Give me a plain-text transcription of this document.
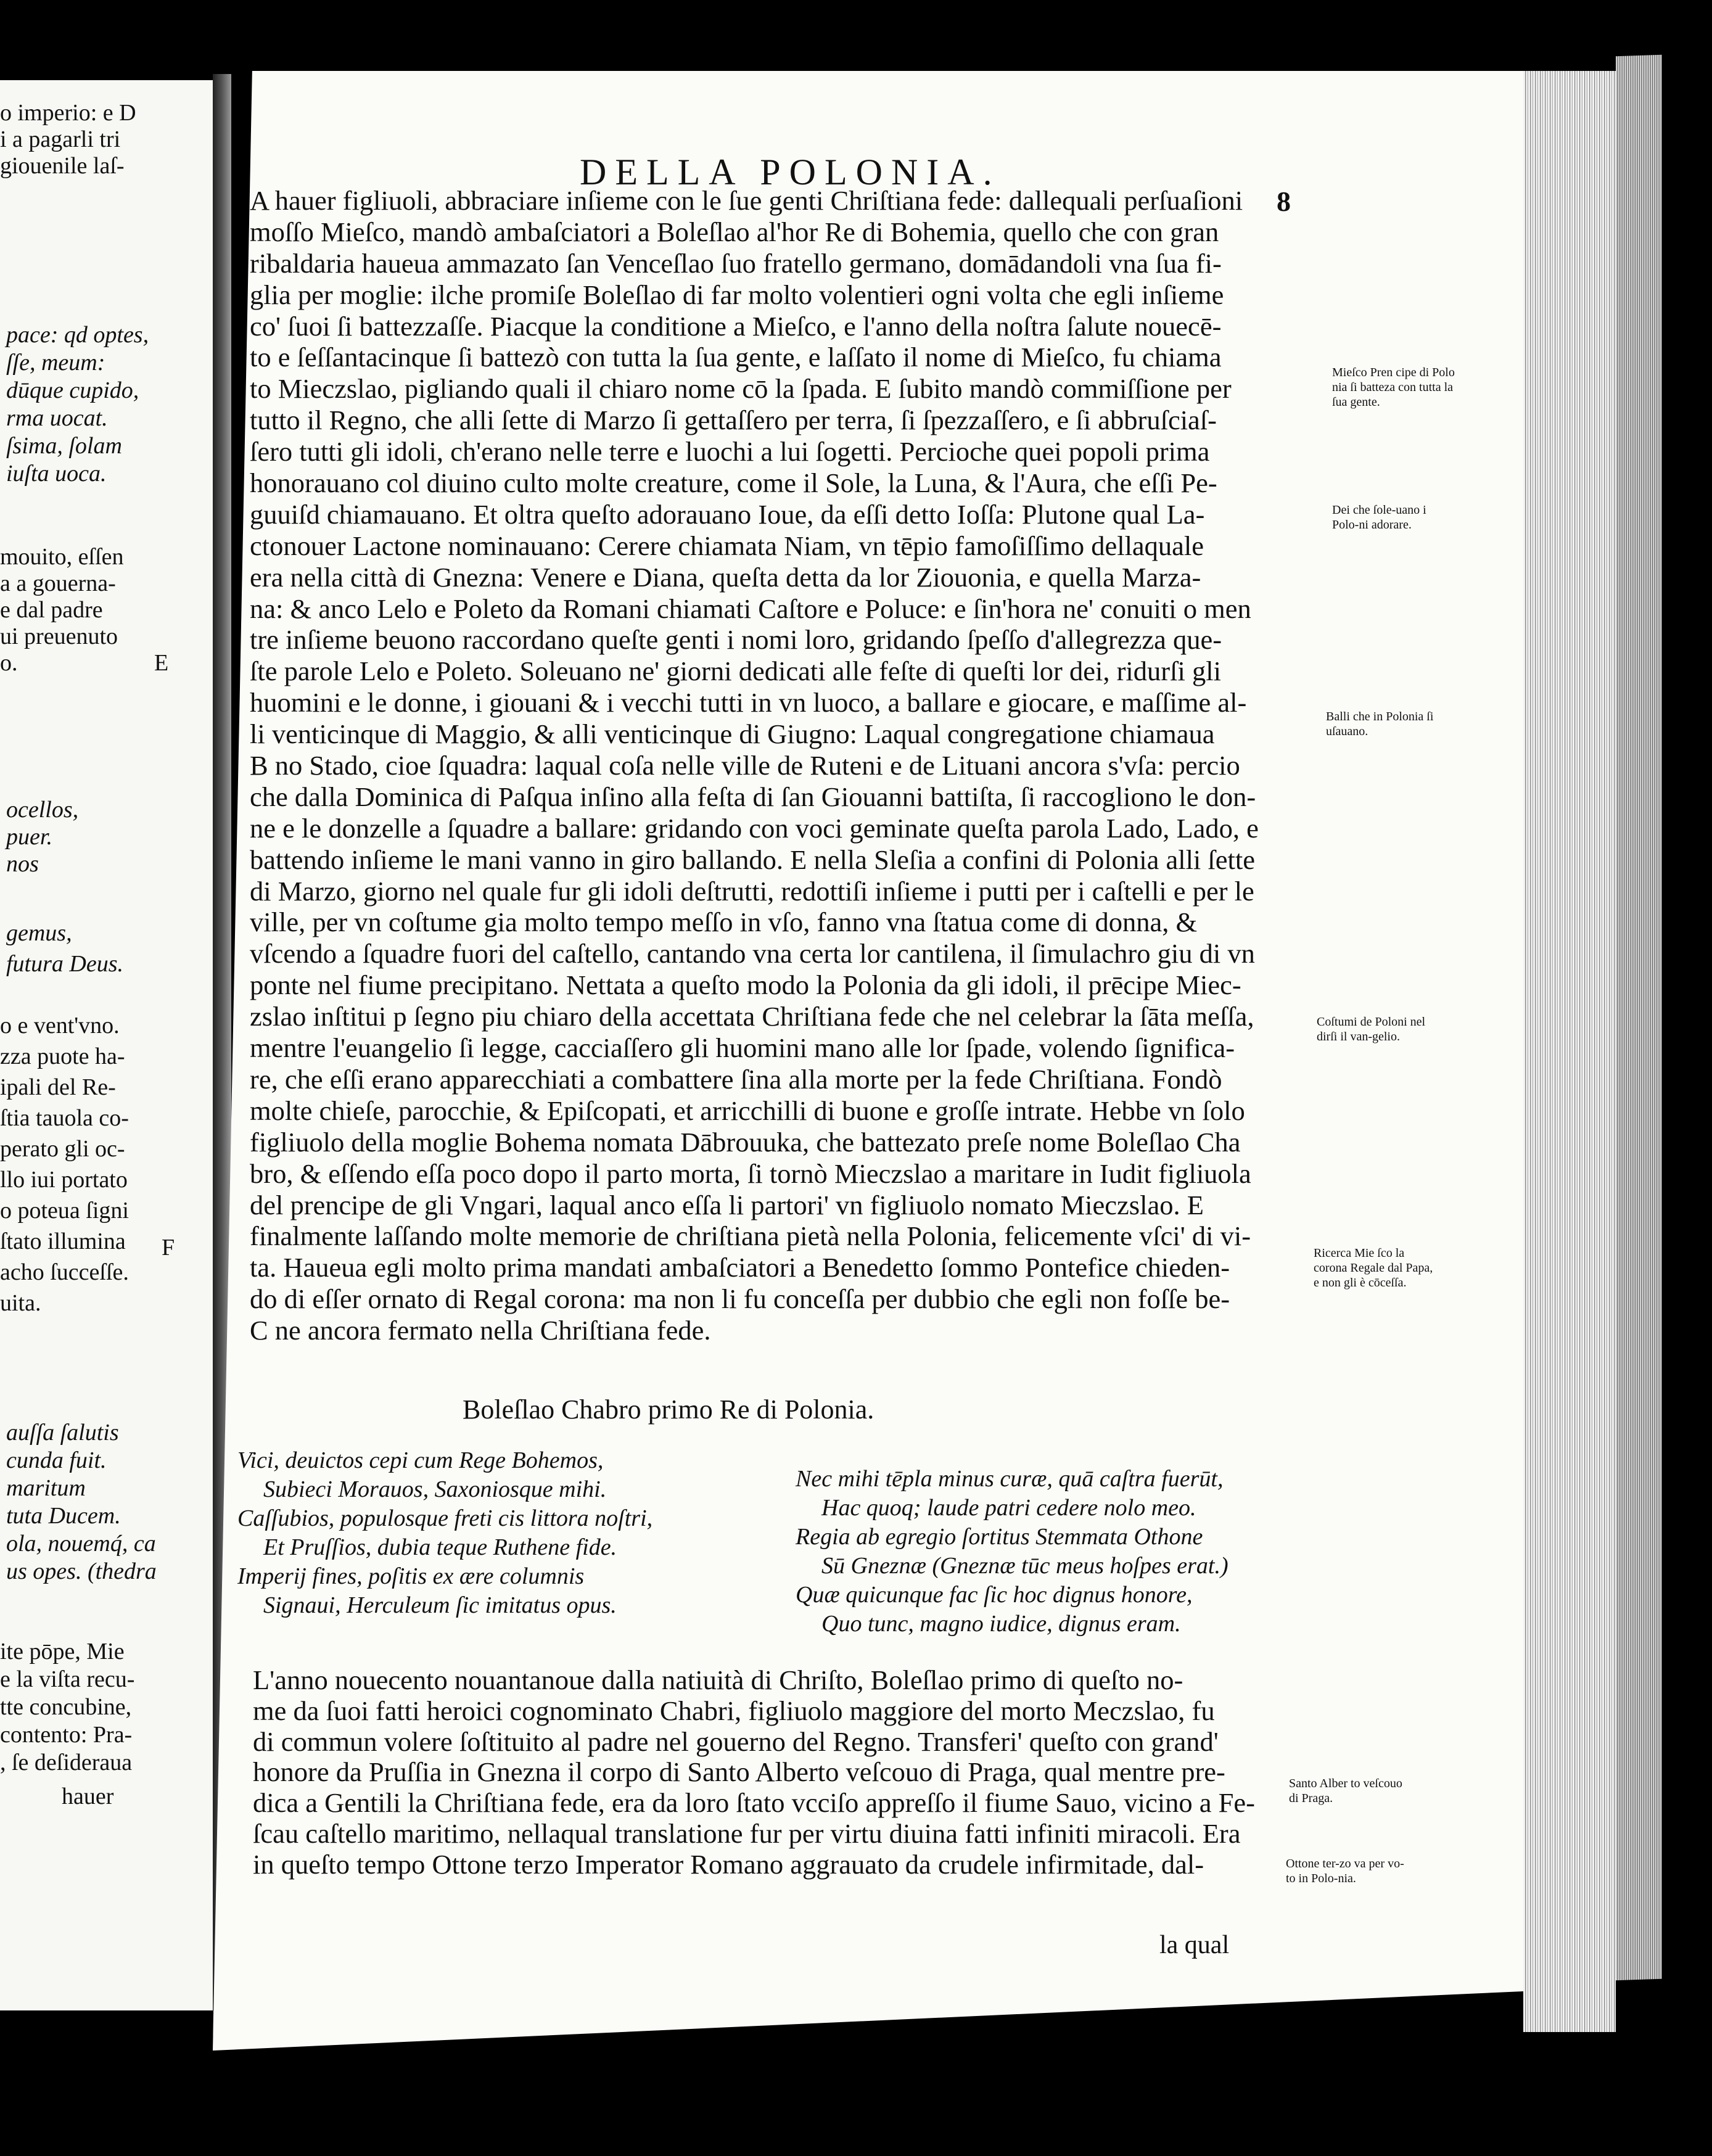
o imperio: e D
i a pagarli tri
giouenile laſ-
pace: qd optes,
ſſe, meum:
dūque cupido,
rma uocat.
ſsima, ſolam
iuſta uoca.
mouito, eſſen
a a gouerna-
e dal padre
ui preuenuto
o.
ocellos,
puer.
nos
gemus,
futura Deus.
o e vent'vno.
zza puote ha-
ipali del Re-
ſtia tauola co-
perato gli oc-
llo iui portato
o poteua ſigni
ſtato illumina
acho ſucceſſe.
uita.
auſſa ſalutis
cunda fuit.
maritum
tuta Ducem.
ola, nouemq́, ca
us opes. (thedra
ite pōpe, Mie
e la viſta recu-
tte concubine,
contento: Pra-
, ſe deſideraua
hauer
E
F
DELLA POLONIA.
8
A hauer figliuoli, abbraciare inſieme con le ſue genti Chriſtiana fede: dallequali perſuaſioni
moſſo Mieſco, mandò ambaſciatori a Boleſlao al'hor Re di Bohemia, quello che con gran
ribaldaria haueua ammazato ſan Venceſlao ſuo fratello germano, domādandoli vna ſua fi-
glia per moglie: ilche promiſe Boleſlao di far molto volentieri ogni volta che egli inſieme
co' ſuoi ſi battezzaſſe. Piacque la conditione a Mieſco, e l'anno della noſtra ſalute nouecē-
to e ſeſſantacinque ſi battezò con tutta la ſua gente, e laſſato il nome di Mieſco, fu chiama
to Mieczslao, pigliando quali il chiaro nome cō la ſpada. E ſubito mandò commiſſione per
tutto il Regno, che alli ſette di Marzo ſi gettaſſero per terra, ſi ſpezzaſſero, e ſi abbruſciaſ-
ſero tutti gli idoli, ch'erano nelle terre e luochi a lui ſogetti. Percioche quei popoli prima
honorauano col diuino culto molte creature, come il Sole, la Luna, & l'Aura, che eſſi Pe-
guuiſd chiamauano. Et oltra queſto adorauano Ioue, da eſſi detto Ioſſa: Plutone qual La-
ctonouer Lactone nominauano: Cerere chiamata Niam, vn tēpio famoſiſſimo dellaquale
era nella città di Gnezna: Venere e Diana, queſta detta da lor Ziouonia, e quella Marza-
na: & anco Lelo e Poleto da Romani chiamati Caſtore e Poluce: e ſin'hora ne' conuiti o men
tre inſieme beuono raccordano queſte genti i nomi loro, gridando ſpeſſo d'allegrezza que-
ſte parole Lelo e Poleto. Soleuano ne' giorni dedicati alle feſte di queſti lor dei, ridurſi gli
huomini e le donne, i giouani & i vecchi tutti in vn luoco, a ballare e giocare, e maſſime al-
li venticinque di Maggio, & alli venticinque di Giugno: Laqual congregatione chiamaua
B no Stado, cioe ſquadra: laqual coſa nelle ville de Ruteni e de Lituani ancora s'vſa: percio
che dalla Dominica di Paſqua inſino alla feſta di ſan Giouanni battiſta, ſi raccogliono le don-
ne e le donzelle a ſquadre a ballare: gridando con voci geminate queſta parola Lado, Lado, e
battendo inſieme le mani vanno in giro ballando. E nella Sleſia a confini di Polonia alli ſette
di Marzo, giorno nel quale fur gli idoli deſtrutti, redottiſi inſieme i putti per i caſtelli e per le
ville, per vn coſtume gia molto tempo meſſo in vſo, fanno vna ſtatua come di donna, &
vſcendo a ſquadre fuori del caſtello, cantando vna certa lor cantilena, il ſimulachro giu di vn
ponte nel fiume precipitano. Nettata a queſto modo la Polonia da gli idoli, il prēcipe Miec-
zslao inſtitui p ſegno piu chiaro della accettata Chriſtiana fede che nel celebrar la ſāta meſſa,
mentre l'euangelio ſi legge, cacciaſſero gli huomini mano alle lor ſpade, volendo ſignifica-
re, che eſſi erano apparecchiati a combattere ſina alla morte per la fede Chriſtiana. Fondò
molte chieſe, parocchie, & Epiſcopati, et arricchilli di buone e groſſe intrate. Hebbe vn ſolo
figliuolo della moglie Bohema nomata Dābrouuka, che battezato preſe nome Boleſlao Cha
bro, & eſſendo eſſa poco dopo il parto morta, ſi tornò Mieczslao a maritare in Iudit figliuola
del prencipe de gli Vngari, laqual anco eſſa li partori' vn figliuolo nomato Mieczslao. E
finalmente laſſando molte memorie de chriſtiana pietà nella Polonia, felicemente vſci' di vi-
ta. Haueua egli molto prima mandati ambaſciatori a Benedetto ſommo Pontefice chieden-
do di eſſer ornato di Regal corona: ma non li fu conceſſa per dubbio che egli non foſſe be-
C ne ancora fermato nella Chriſtiana fede.
Mieſco Pren cipe di Polo nia ſi batteza con tutta la ſua gente.
Dei che ſole-uano i Polo-ni adorare.
Balli che in Polonia ſi uſauano.
Coſtumi de Poloni nel dirſi il van-gelio.
Ricerca Mie ſco la corona Regale dal Papa, e non gli è cōceſſa.
Santo Alber to veſcouo di Praga.
Ottone ter-zo va per vo-to in Polo-nia.
Boleſlao Chabro primo Re di Polonia.
Vici, deuictos cepi cum Rege Bohemos,
Subieci Morauos, Saxoniosque mihi.
Caſſubios, populosque freti cis littora noſtri,
Et Pruſſios, dubia teque Ruthene fide.
Imperij fines, poſitis ex ære columnis
Signaui, Herculeum ſic imitatus opus.
Nec mihi tēpla minus curæ, quā caſtra fuerūt,
Hac quoq; laude patri cedere nolo meo.
Regia ab egregio ſortitus Stemmata Othone
Sū Gneznæ (Gneznæ tūc meus hoſpes erat.)
Quæ quicunque fac ſic hoc dignus honore,
Quo tunc, magno iudice, dignus eram.
L'anno nouecento nouantanoue dalla natiuità di Chriſto, Boleſlao primo di queſto no-
me da ſuoi fatti heroici cognominato Chabri, figliuolo maggiore del morto Meczslao, fu
di commun volere ſoſtituito al padre nel gouerno del Regno. Transferi' queſto con grand'
honore da Pruſſia in Gnezna il corpo di Santo Alberto veſcouo di Praga, qual mentre pre-
dica a Gentili la Chriſtiana fede, era da loro ſtato vcciſo appreſſo il fiume Sauo, vicino a Fe-
ſcau caſtello maritimo, nellaqual translatione fur per virtu diuina fatti infiniti miracoli. Era
in queſto tempo Ottone terzo Imperator Romano aggrauato da crudele infirmitade, dal-
la qual
